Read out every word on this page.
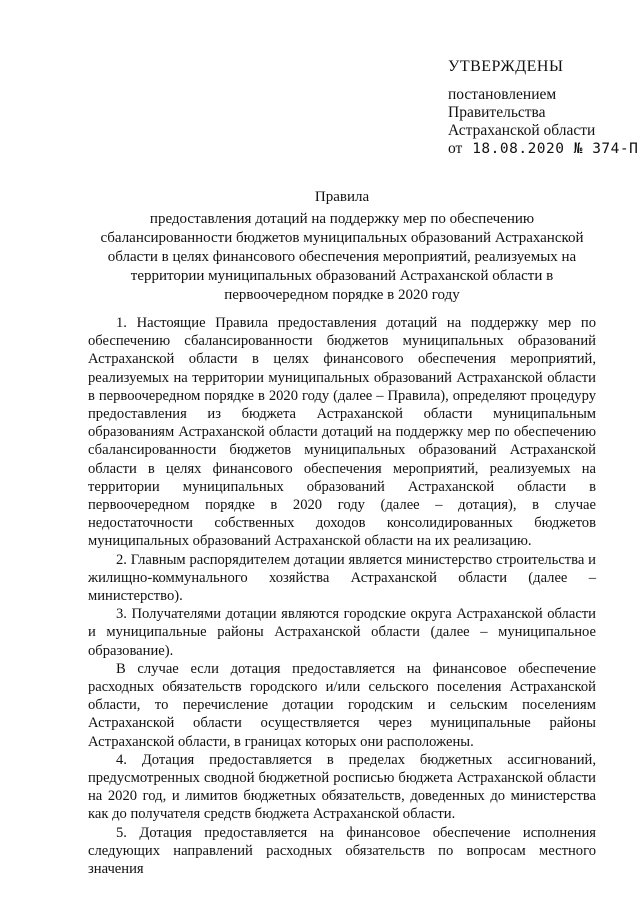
УТВЕРЖДЕНЫ
постановлением
Правительства
Астраханской области
от 18.08.2020 № 374-П
Правила
предоставления дотаций на поддержку мер по обеспечению
сбалансированности бюджетов муниципальных образований Астраханской
области в целях финансового обеспечения мероприятий, реализуемых на
территории муниципальных образований Астраханской области в
первоочередном порядке в 2020 году

1. Настоящие Правила предоставления дотаций на поддержку мер по обеспечению сбалансированности бюджетов муниципальных образований Астраханской области в целях финансового обеспечения мероприятий, реализуемых на территории муниципальных образований Астраханской области в первоочередном порядке в 2020 году (далее – Правила), определяют процедуру предоставления из бюджета Астраханской области муниципальным образованиям Астраханской области дотаций на поддержку мер по обеспечению сбалансированности бюджетов муниципальных образований Астраханской области в целях финансового обеспечения мероприятий, реализуемых на территории муниципальных образований Астраханской области в первоочередном порядке в 2020 году (далее – дотация), в случае недостаточности собственных доходов консолидированных бюджетов муниципальных образований Астраханской области на их реализацию.

2. Главным распорядителем дотации является министерство строительства и жилищно-коммунального хозяйства Астраханской области (далее – министерство).

3. Получателями дотации являются городские округа Астраханской области и муниципальные районы Астраханской области (далее – муниципальное образование).

В случае если дотация предоставляется на финансовое обеспечение расходных обязательств городского и/или сельского поселения Астраханской области, то перечисление дотации городским и сельским поселениям Астраханской области осуществляется через муниципальные районы Астраханской области, в границах которых они расположены.

4. Дотация предоставляется в пределах бюджетных ассигнований, предусмотренных сводной бюджетной росписью бюджета Астраханской области на 2020 год, и лимитов бюджетных обязательств, доведенных до министерства как до получателя средств бюджета Астраханской области.

5. Дотация предоставляется на финансовое обеспечение исполнения следующих направлений расходных обязательств по вопросам местного значения
